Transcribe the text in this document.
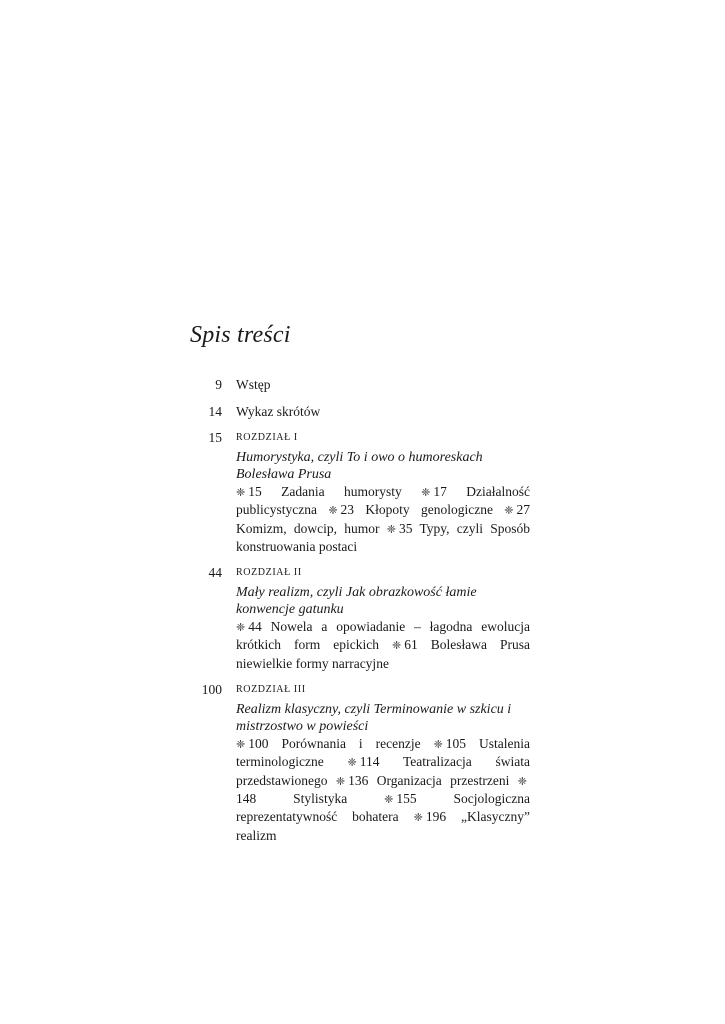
Spis treści
9 Wstęp
14 Wykaz skrótów
15 ROZDZIAŁ I
Humorystyka, czyli To i owo o humoreskach Bolesława Prusa
❈ 15 Zadania humorysty ❈ 17 Działalność publicystyczna ❈ 23 Kłopoty genologiczne ❈ 27 Komizm, dowcip, humor ❈ 35 Typy, czyli Sposób konstruowania postaci
44 ROZDZIAŁ II
Mały realizm, czyli Jak obrazkowość łamie konwencje gatunku
❈ 44 Nowela a opowiadanie – łagodna ewolucja krótkich form epickich ❈ 61 Bolesława Prusa niewielkie formy narracyjne
100 ROZDZIAŁ III
Realizm klasyczny, czyli Terminowanie w szkicu i mistrzostwo w powieści
❈ 100 Porównania i recenzje ❈ 105 Ustalenia terminologiczne ❈ 114 Teatralizacja świata przedstawionego ❈ 136 Organizacja przestrzeni ❈148 Stylistyka	❈ 155 Socjologiczna reprezentatywność bohatera ❈ 196 „Klasyczny” realizm
